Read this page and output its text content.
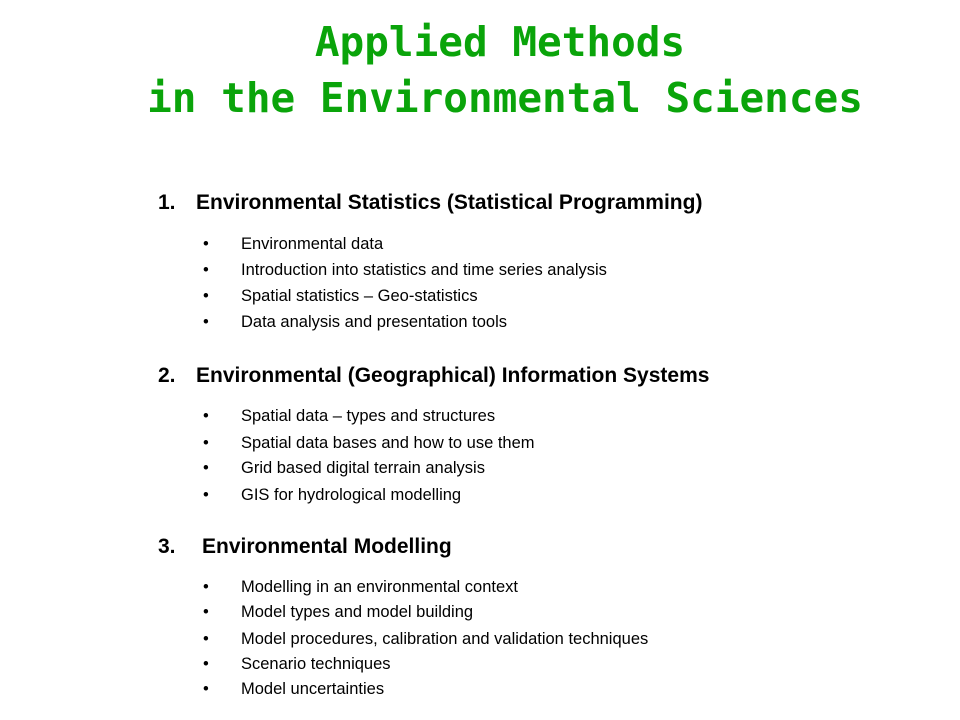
Applied Methods
in the Environmental Sciences
1. Environmental Statistics (Statistical Programming)
• Environmental data
• Introduction into statistics and time series analysis
• Spatial statistics – Geo-statistics
• Data analysis and presentation tools
2. Environmental (Geographical) Information Systems
• Spatial data – types and structures
• Spatial data bases and how to use them
• Grid based digital terrain analysis
• GIS for hydrological modelling
3. Environmental Modelling
• Modelling in an environmental context
• Model types and model building
• Model procedures, calibration and validation techniques
• Scenario techniques
• Model uncertainties
